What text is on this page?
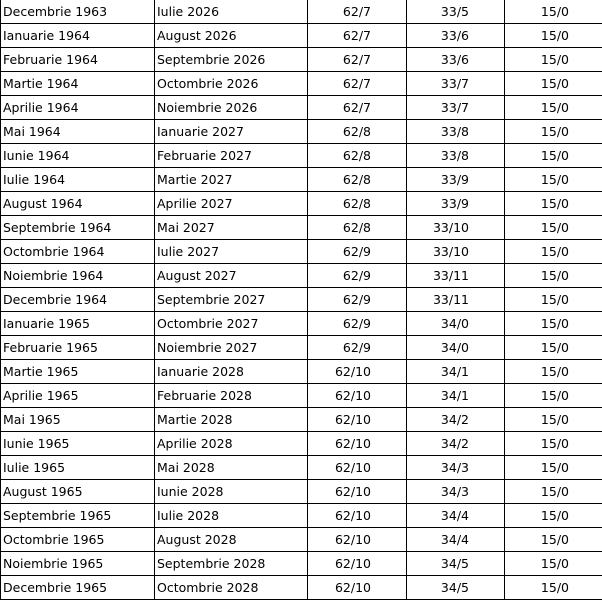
Decembrie 1963	Iulie 2026	62/7	33/5	15/0
Ianuarie 1964	August 2026	62/7	33/6	15/0
Februarie 1964	Septembrie 2026	62/7	33/6	15/0
Martie 1964	Octombrie 2026	62/7	33/7	15/0
Aprilie 1964	Noiembrie 2026	62/7	33/7	15/0
Mai 1964	Ianuarie 2027	62/8	33/8	15/0
Iunie 1964	Februarie 2027	62/8	33/8	15/0
Iulie 1964	Martie 2027	62/8	33/9	15/0
August 1964	Aprilie 2027	62/8	33/9	15/0
Septembrie 1964	Mai 2027	62/8	33/10	15/0
Octombrie 1964	Iulie 2027	62/9	33/10	15/0
Noiembrie 1964	August 2027	62/9	33/11	15/0
Decembrie 1964	Septembrie 2027	62/9	33/11	15/0
Ianuarie 1965	Octombrie 2027	62/9	34/0	15/0
Februarie 1965	Noiembrie 2027	62/9	34/0	15/0
Martie 1965	Ianuarie 2028	62/10	34/1	15/0
Aprilie 1965	Februarie 2028	62/10	34/1	15/0
Mai 1965	Martie 2028	62/10	34/2	15/0
Iunie 1965	Aprilie 2028	62/10	34/2	15/0
Iulie 1965	Mai 2028	62/10	34/3	15/0
August 1965	Iunie 2028	62/10	34/3	15/0
Septembrie 1965	Iulie 2028	62/10	34/4	15/0
Octombrie 1965	August 2028	62/10	34/4	15/0
Noiembrie 1965	Septembrie 2028	62/10	34/5	15/0
Decembrie 1965	Octombrie 2028	62/10	34/5	15/0
